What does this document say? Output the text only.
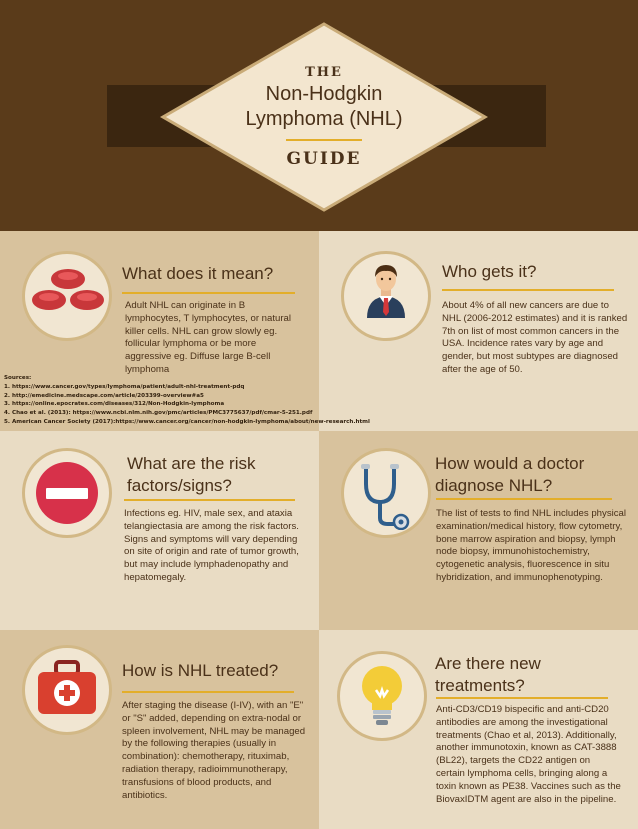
THE
Non-Hodgkin
Lymphoma (NHL)
GUIDE
What does it mean?
Adult NHL can originate in B lymphocytes, T lymphocytes, or natural killer cells. NHL can grow slowly eg. follicular lymphoma or be more aggressive eg. Diffuse large B-cell lymphoma
Sources:
1. https://www.cancer.gov/types/lymphoma/patient/adult-nhl-treatment-pdq
2. http://emedicine.medscape.com/article/203399-overview#a5
3. https://online.epocrates.com/diseases/312/Non-Hodgkin-lymphoma
4. Chao et al. (2013): https://www.ncbi.nlm.nih.gov/pmc/articles/PMC3775637/pdf/cmar-5-251.pdf
5. American Cancer Society (2017):https://www.cancer.org/cancer/non-hodgkin-lymphoma/about/new-research.html
Who gets it?
About 4% of all new cancers are due to NHL (2006-2012 estimates) and it is ranked 7th on list of most common cancers in the USA. Incidence rates vary by age and gender, but most subtypes are diagnosed after the age of 50.
What are the risk
factors/signs?
Infections eg. HIV, male sex, and ataxia telangiectasia are among the risk factors. Signs and symptoms will vary depending on site of origin and rate of tumor growth, but may include lymphadenopathy and hepatomegaly.
How would a doctor
diagnose NHL?
The list of tests to find NHL includes physical examination/medical history, flow cytometry, bone marrow aspiration and biopsy, lymph node biopsy, immunohistochemistry, cytogenetic analysis, fluorescence in situ hybridization, and immunophenotyping.
How is NHL treated?
After staging the disease (I-IV), with an "E" or "S" added, depending on extra-nodal or spleen involvement, NHL may be managed by the following therapies (usually in combination): chemotherapy, rituximab, radiation therapy, radioimmunotherapy, transfusions of blood products, and antibiotics.
Are there new
treatments?
Anti-CD3/CD19 bispecific and anti-CD20 antibodies are among the investigational treatments (Chao et al, 2013). Additionally, another immunotoxin, known as CAT-3888 (BL22), targets the CD22 antigen on certain lymphoma cells, bringing along a toxin known as PE38. Vaccines such as the BiovaxIDTM agent are also in the pipeline.
